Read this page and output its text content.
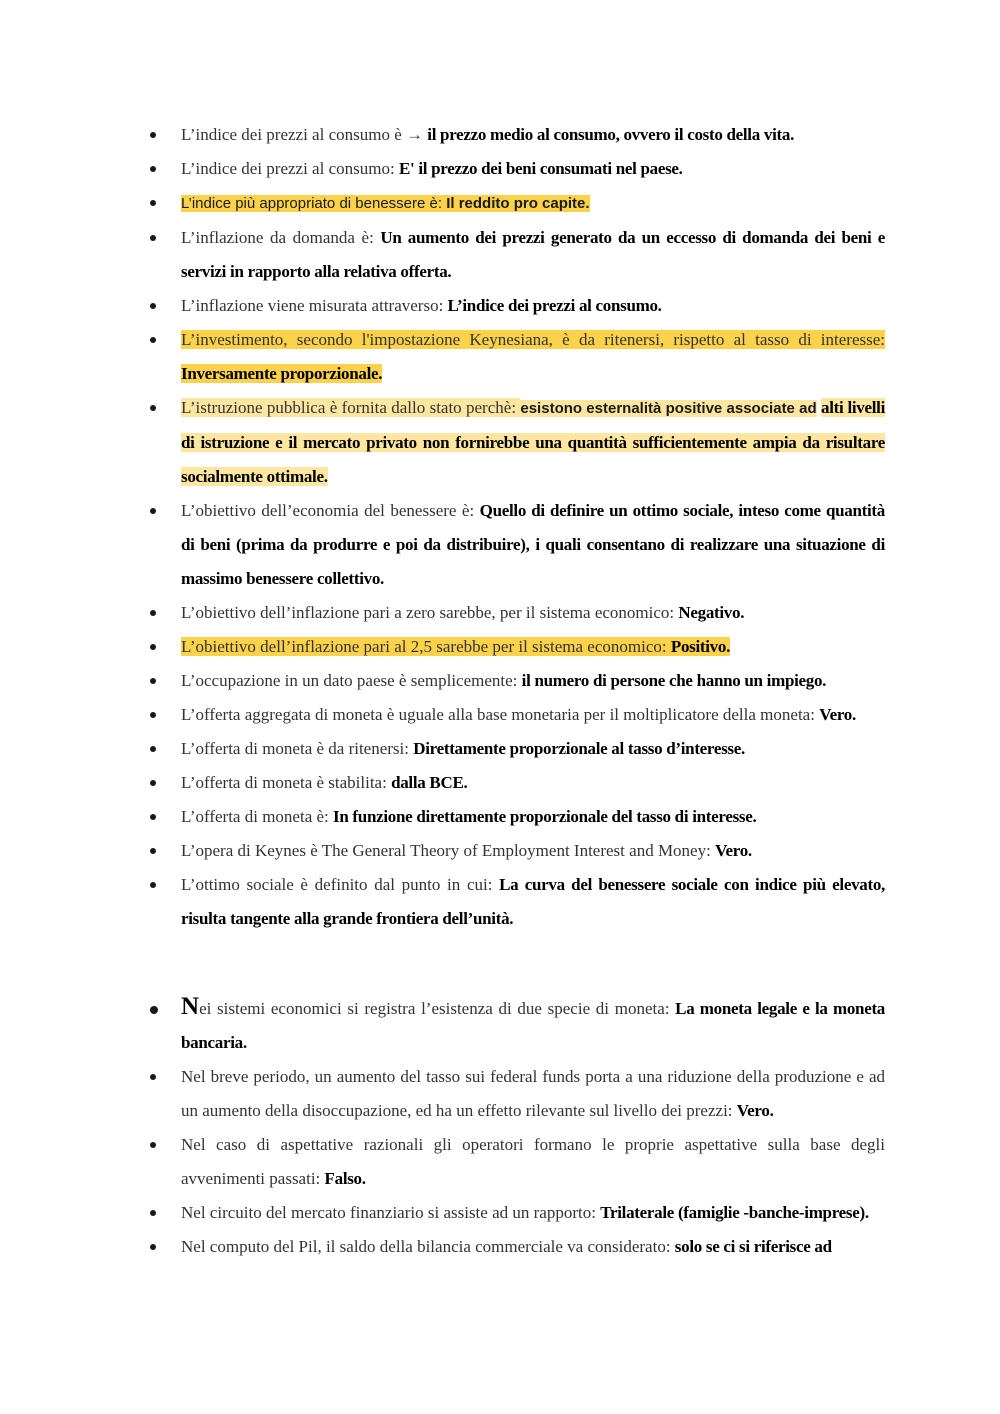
L’indice dei prezzi al consumo è → il prezzo medio al consumo, ovvero il costo della vita.
L’indice dei prezzi al consumo: E' il prezzo dei beni consumati nel paese.
L’indice più appropriato di benessere è: Il reddito pro capite.
L’inflazione da domanda è: Un aumento dei prezzi generato da un eccesso di domanda dei beni e servizi in rapporto alla relativa offerta.
L’inflazione viene misurata attraverso: L’indice dei prezzi al consumo.
L’investimento, secondo l'impostazione Keynesiana, è da ritenersi, rispetto al tasso di interesse: Inversamente proporzionale.
L’istruzione pubblica è fornita dallo stato perchè: esistono esternalità positive associate ad alti livelli di istruzione e il mercato privato non fornirebbe una quantità sufficientemente ampia da risultare socialmente ottimale.
L’obiettivo dell’economia del benessere è: Quello di definire un ottimo sociale, inteso come quantità di beni (prima da produrre e poi da distribuire), i quali consentano di realizzare una situazione di massimo benessere collettivo.
L’obiettivo dell’inflazione pari a zero sarebbe, per il sistema economico: Negativo.
L’obiettivo dell’inflazione pari al 2,5 sarebbe per il sistema economico: Positivo.
L’occupazione in un dato paese è semplicemente: il numero di persone che hanno un impiego.
L’offerta aggregata di moneta è uguale alla base monetaria per il moltiplicatore della moneta: Vero.
L’offerta di moneta è da ritenersi: Direttamente proporzionale al tasso d’interesse.
L’offerta di moneta è stabilita: dalla BCE.
L’offerta di moneta è: In funzione direttamente proporzionale del tasso di interesse.
L’opera di Keynes è The General Theory of Employment Interest and Money: Vero.
L’ottimo sociale è definito dal punto in cui: La curva del benessere sociale con indice più elevato, risulta tangente alla grande frontiera dell’unità.
Nei sistemi economici si registra l’esistenza di due specie di moneta: La moneta legale e la moneta bancaria.
Nel breve periodo, un aumento del tasso sui federal funds porta a una riduzione della produzione e ad un aumento della disoccupazione, ed ha un effetto rilevante sul livello dei prezzi: Vero.
Nel caso di aspettative razionali gli operatori formano le proprie aspettative sulla base degli avvenimenti passati: Falso.
Nel circuito del mercato finanziario si assiste ad un rapporto: Trilaterale (famiglie -banche-imprese).
Nel computo del Pil, il saldo della bilancia commerciale va considerato: solo se ci si riferisce ad
